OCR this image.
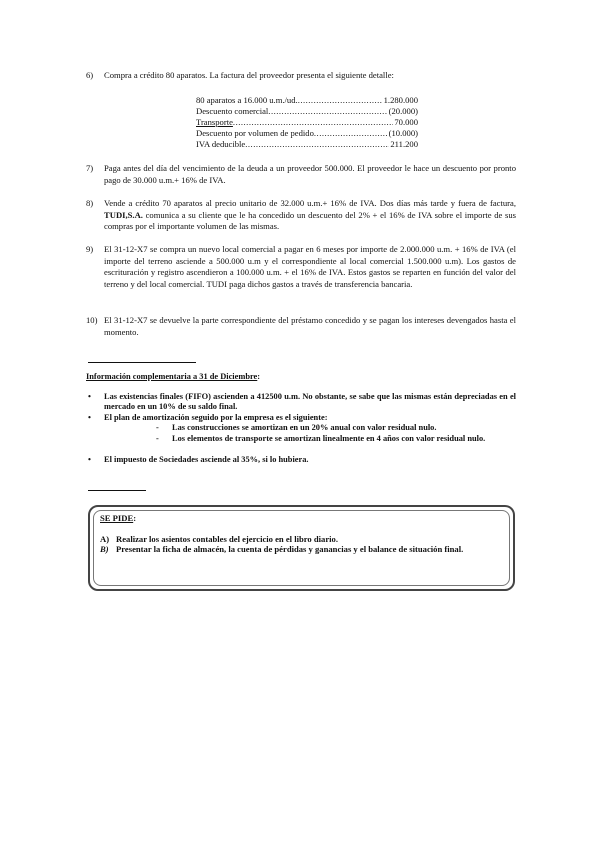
6)	Compra a crédito 80 aparatos. La factura del proveedor presenta el siguiente detalle:
80 aparatos a 16.000 u.m./ud. .....	1.280.000
Descuento comercial .....	(20.000)
Transporte .....	70.000
Descuento por volumen de pedido .....	(10.000)
IVA deducible .....	211.200
7)	Paga antes del día del vencimiento de la deuda a un proveedor 500.000. El proveedor le hace un descuento por pronto pago de 30.000 u.m.+ 16% de IVA.
8)	Vende a crédito 70 aparatos al precio unitario de 32.000 u.m.+ 16% de IVA. Dos días más tarde y fuera de factura, TUDI,S.A. comunica a su cliente que le ha concedido un descuento del 2% + el 16% de IVA sobre el importe de sus compras por el importante volumen de las mismas.
9)	El 31-12-X7 se compra un nuevo local comercial a pagar en 6 meses por importe de 2.000.000 u.m. + 16% de IVA (el importe del terreno asciende a 500.000 u.m y el correspondiente al local comercial 1.500.000 u.m). Los gastos de escrituración y registro ascendieron a 100.000 u.m. + el 16% de IVA. Estos gastos se reparten en función del valor del terreno y del local comercial. TUDI paga dichos gastos a través de transferencia bancaria.
10) El 31-12-X7 se devuelve la parte correspondiente del préstamo concedido y se pagan los intereses devengados hasta el momento.
Información complementaria a 31 de Diciembre:
• Las existencias finales (FIFO) ascienden a 412500 u.m. No obstante, se sabe que las mismas están depreciadas en el mercado en un 10% de su saldo final.
• El plan de amortización seguido por la empresa es el siguiente:
- Las construcciones se amortizan en un 20% anual con valor residual nulo.
- Los elementos de transporte se amortizan linealmente en 4 años con valor residual nulo.
• El impuesto de Sociedades asciende al 35%, si lo hubiera.
SE PIDE:
A) Realizar los asientos contables del ejercicio en el libro diario.
B) Presentar la ficha de almacén, la cuenta de pérdidas y ganancias y el balance de situación final.
